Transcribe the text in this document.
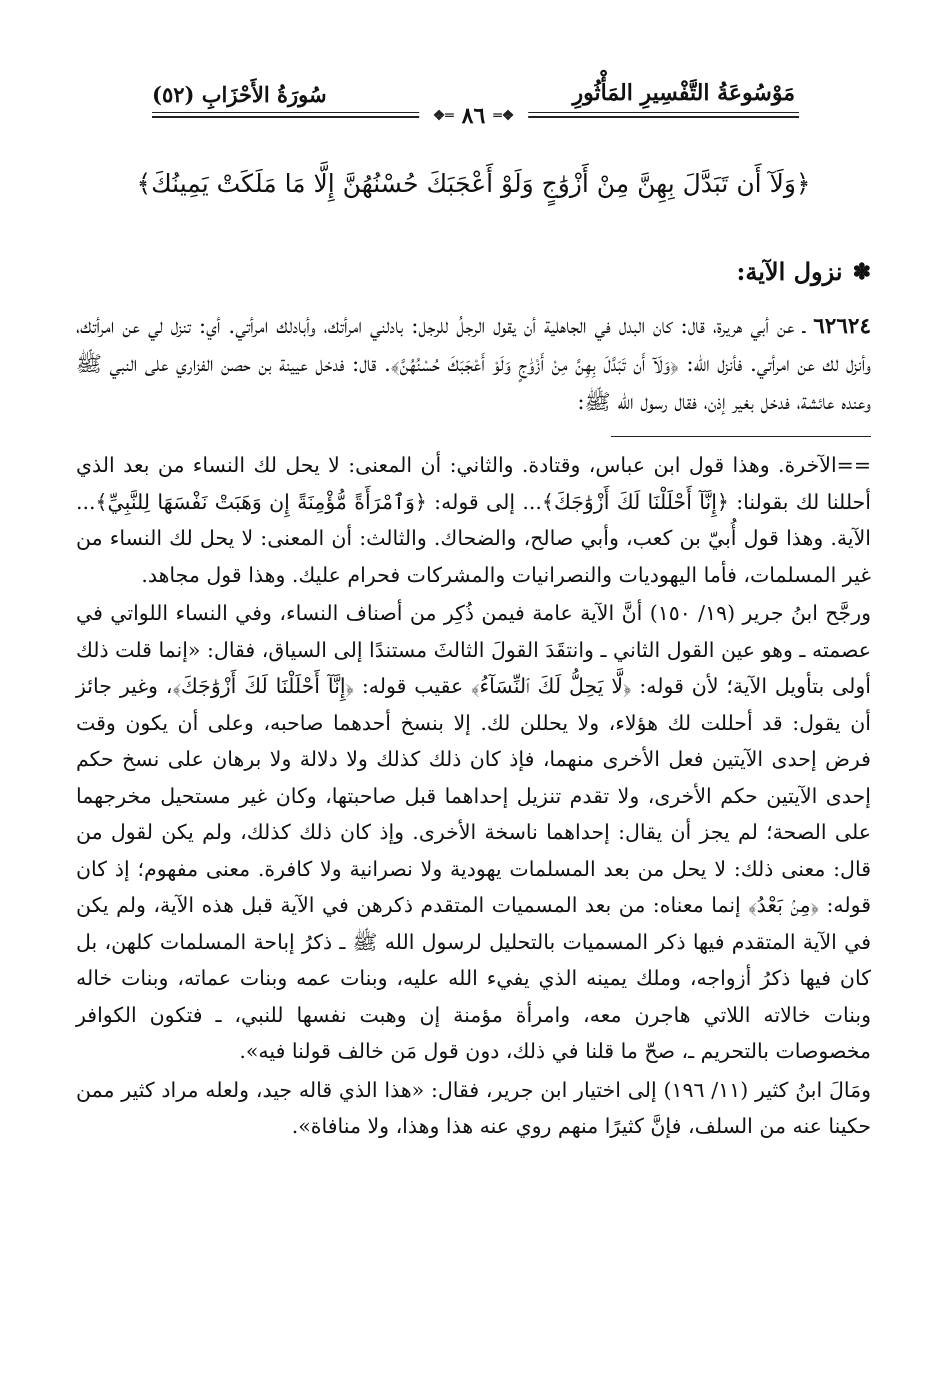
مَوْسُوعَةُ التَّفْسِيرِ المَأْثُورِ
سُورَةُ الأَحْزَابِ (٥٢)
❖═
٨٦
═❖
﴿وَلَآ أَن تَبَدَّلَ بِهِنَّ مِنْ أَزْوَٰجٍ وَلَوْ أَعْجَبَكَ حُسْنُهُنَّ إِلَّا مَا مَلَكَتْ يَمِينُكَ﴾
✽
نزول الآية:
٦٢٦٢٤ ـ عن أبي هريرة، قال: كان البدل في الجاهلية أن يقول الرجلُ للرجل: بادلني امرأتك، وأبادلك امرأتي. أي: تنزل لي عن امرأتك، وأنزل لك عن امرأتي. فأنزل الله: ﴿وَلَآ أَن تَبَدَّلَ بِهِنَّ مِنْ أَزْوَٰجٍ وَلَوْ أَعْجَبَكَ حُسْنُهُنَّ﴾. قال: فدخل عيينة بن حصن الفزاري على النبي ﷺ وعنده عائشة، فدخل بغير إذن، فقال رسول الله ﷺ:

==الآخرة. وهذا قول ابن عباس، وقتادة. والثاني: أن المعنى: لا يحل لك النساء من بعد الذي أحللنا لك بقولنا: ﴿إِنَّآ أَحْلَلْنَا لَكَ أَزْوَٰجَكَ﴾... إلى قوله: ﴿وَٱمْرَأَةً مُّؤْمِنَةً إِن وَهَبَتْ نَفْسَهَا لِلنَّبِيِّ﴾... الآية. وهذا قول أُبيّ بن كعب، وأبي صالح، والضحاك. والثالث: أن المعنى: لا يحل لك النساء من غير المسلمات، فأما اليهوديات والنصرانيات والمشركات فحرام عليك. وهذا قول مجاهد.

ورجَّح ابنُ جرير (١٩/ ١٥٠) أنَّ الآية عامة فيمن ذُكِر من أصناف النساء، وفي النساء اللواتي في عصمته ـ وهو عين القول الثاني ـ وانتقَدَ القولَ الثالثَ مستندًا إلى السياق، فقال: «إنما قلت ذلك أولى بتأويل الآية؛ لأن قوله: ﴿لَّا يَحِلُّ لَكَ ٱلنِّسَآءُ﴾ عقيب قوله: ﴿إِنَّآ أَحْلَلْنَا لَكَ أَزْوَٰجَكَ﴾، وغير جائز أن يقول: قد أحللت لك هؤلاء، ولا يحللن لك. إلا بنسخ أحدهما صاحبه، وعلى أن يكون وقت فرض إحدى الآيتين فعل الأخرى منهما، فإذ كان ذلك كذلك ولا دلالة ولا برهان على نسخ حكم إحدى الآيتين حكم الأخرى، ولا تقدم تنزيل إحداهما قبل صاحبتها، وكان غير مستحيل مخرجهما على الصحة؛ لم يجز أن يقال: إحداهما ناسخة الأخرى. وإذ كان ذلك كذلك، ولم يكن لقول من قال: معنى ذلك: لا يحل من بعد المسلمات يهودية ولا نصرانية ولا كافرة. معنى مفهوم؛ إذ كان قوله: ﴿مِنۢ بَعْدُ﴾ إنما معناه: من بعد المسميات المتقدم ذكرهن في الآية قبل هذه الآية، ولم يكن في الآية المتقدم فيها ذكر المسميات بالتحليل لرسول الله ﷺ ـ ذكرُ إباحة المسلمات كلهن، بل كان فيها ذكرُ أزواجه، وملك يمينه الذي يفيء الله عليه، وبنات عمه وبنات عماته، وبنات خاله وبنات خالاته اللاتي هاجرن معه، وامرأة مؤمنة إن وهبت نفسها للنبي، ـ فتكون الكوافر مخصوصات بالتحريم ـ، صحّ ما قلنا في ذلك، دون قول مَن خالف قولنا فيه».

ومَالَ ابنُ كثير (١١/ ١٩٦) إلى اختيار ابن جرير، فقال: «هذا الذي قاله جيد، ولعله مراد كثير ممن حكينا عنه من السلف، فإنَّ كثيرًا منهم روي عنه هذا وهذا، ولا منافاة».
